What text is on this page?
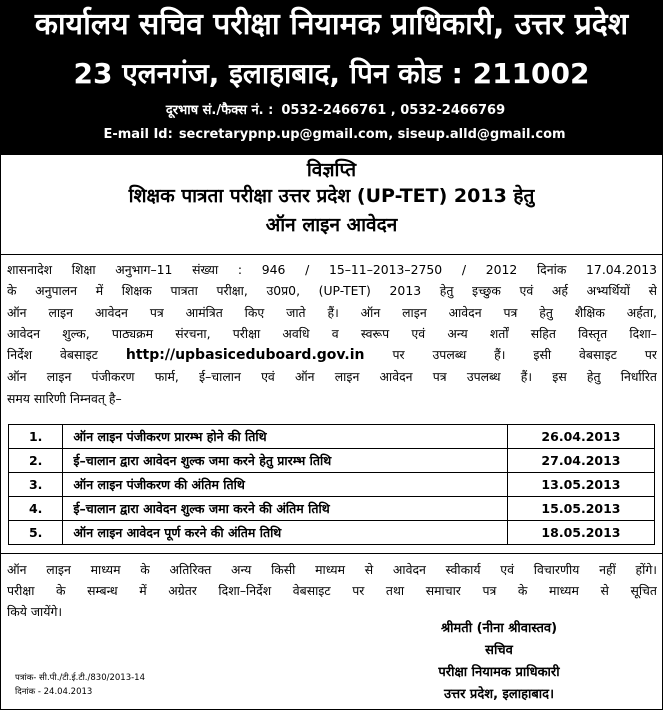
कार्यालय सचिव परीक्षा नियामक प्राधिकारी, उत्तर प्रदेश
23 एलनगंज, इलाहाबाद, पिन कोड : 211002
दूरभाष सं./फैक्स नं. : 0532-2466761 , 0532-2466769
E-mail Id: secretarypnp.up@gmail.com, siseup.alld@gmail.com
विज्ञप्ति
शिक्षक पात्रता परीक्षा उत्तर प्रदेश (UP-TET) 2013 हेतु
ऑन लाइन आवेदन
शासनादेश शिक्षा अनुभाग–11 संख्या : 946 / 15–11–2013–2750 / 2012 दिनांक 17.04.2013
के अनुपालन में शिक्षक पात्रता परीक्षा, उ0प्र0, (UP-TET) 2013 हेतु इच्छुक एवं अर्ह अभ्यर्थियों से
ऑन लाइन आवेदन पत्र आमंत्रित किए जाते हैं। ऑन लाइन आवेदन पत्र हेतु शैक्षिक अर्हता,
आवेदन शुल्क, पाठ्यक्रम संरचना, परीक्षा अवधि व स्वरूप एवं अन्य शर्तों सहित विस्तृत दिशा–
निर्देश वेबसाइट http://upbasiceduboard.gov.in पर उपलब्ध हैं। इसी वेबसाइट पर
ऑन लाइन पंजीकरण फार्म, ई–चालान एवं ऑन लाइन आवेदन पत्र उपलब्ध हैं। इस हेतु निर्धारित
समय सारिणी निम्नवत् है–
1.	ऑन लाइन पंजीकरण प्रारम्भ होने की तिथि	26.04.2013
2.	ई–चालान द्वारा आवेदन शुल्क जमा करने हेतु प्रारम्भ तिथि	27.04.2013
3.	ऑन लाइन पंजीकरण की अंतिम तिथि	13.05.2013
4.	ई–चालान द्वारा आवेदन शुल्क जमा करने की अंतिम तिथि	15.05.2013
5.	ऑन लाइन आवेदन पूर्ण करने की अंतिम तिथि	18.05.2013
ऑन लाइन माध्यम के अतिरिक्त अन्य किसी माध्यम से आवेदन स्वीकार्य एवं विचारणीय नहीं होंगे।
परीक्षा के सम्बन्ध में अग्रेतर दिशा–निर्देश वेबसाइट पर तथा समाचार पत्र के माध्यम से सूचित
किये जायेंगे।
श्रीमती (नीना श्रीवास्तव)
सचिव
परीक्षा नियामक प्राधिकारी
उत्तर प्रदेश, इलाहाबाद।
पत्रांक- सी.पी./टी.ई.टी./830/2013-14
दिनांक - 24.04.2013
